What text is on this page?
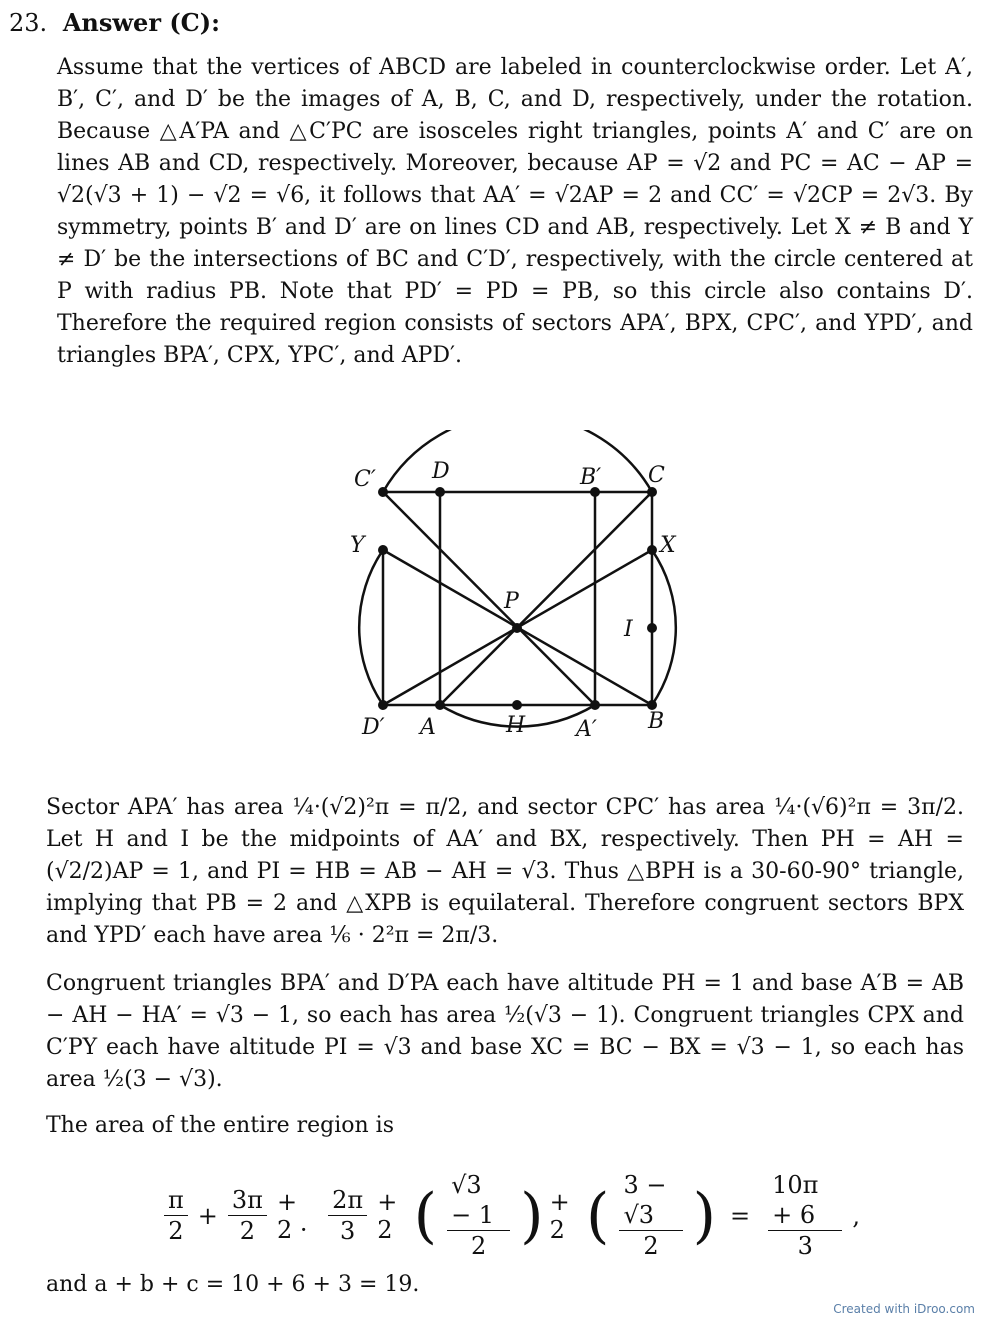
23. Answer (C):
Assume that the vertices of ABCD are labeled in counterclockwise order. Let A′, B′, C′, and D′ be the images of A, B, C, and D, respectively, under the rotation. Because △A′PA and △C′PC are isosceles right triangles, points A′ and C′ are on lines AB and CD, respectively. Moreover, because AP = √2 and PC = AC − AP = √2(√3 + 1) − √2 = √6, it follows that AA′ = √2AP = 2 and CC′ = √2CP = 2√3. By symmetry, points B′ and D′ are on lines CD and AB, respectively. Let X ≠ B and Y ≠ D′ be the intersections of BC and C′D′, respectively, with the circle centered at P with radius PB. Note that PD′ = PD = PB, so this circle also contains D′. Therefore the required region consists of sectors APA′, BPX, CPC′, and YPD′, and triangles BPA′, CPX, YPC′, and APD′.
C′	D	B′ C
Y	X
P
I
D′ A	H A′ B
Sector APA′ has area ¼·(√2)²π = π/2, and sector CPC′ has area ¼·(√6)²π = 3π/2. Let H and I be the midpoints of AA′ and BX, respectively. Then PH = AH = (√2/2)AP = 1, and PI = HB = AB − AH = √3. Thus △BPH is a 30-60-90° triangle, implying that PB = 2 and △XPB is equilateral. Therefore congruent sectors BPX and YPD′ each have area ⅙ · 2²π = 2π/3.
Congruent triangles BPA′ and D′PA each have altitude PH = 1 and base A′B = AB − AH − HA′ = √3 − 1, so each has area ½(√3 − 1). Congruent triangles CPX and C′PY each have altitude PI = √3 and base XC = BC − BX = √3 − 1, so each has area ½(3 − √3).
The area of the entire region is
$\frac{\pi}{2} + \frac{3\pi}{2} + 2 \cdot \frac{2\pi}{3} + 2$ ( $\frac{√3 - 1}{2}$ ) + 2 ( $\frac{3 - √3}{2}$ ) = $\frac{10\pi + 6}{3}$ ,
and a + b + c = 10 + 6 + 3 = 19.
Created with iDroo.com
